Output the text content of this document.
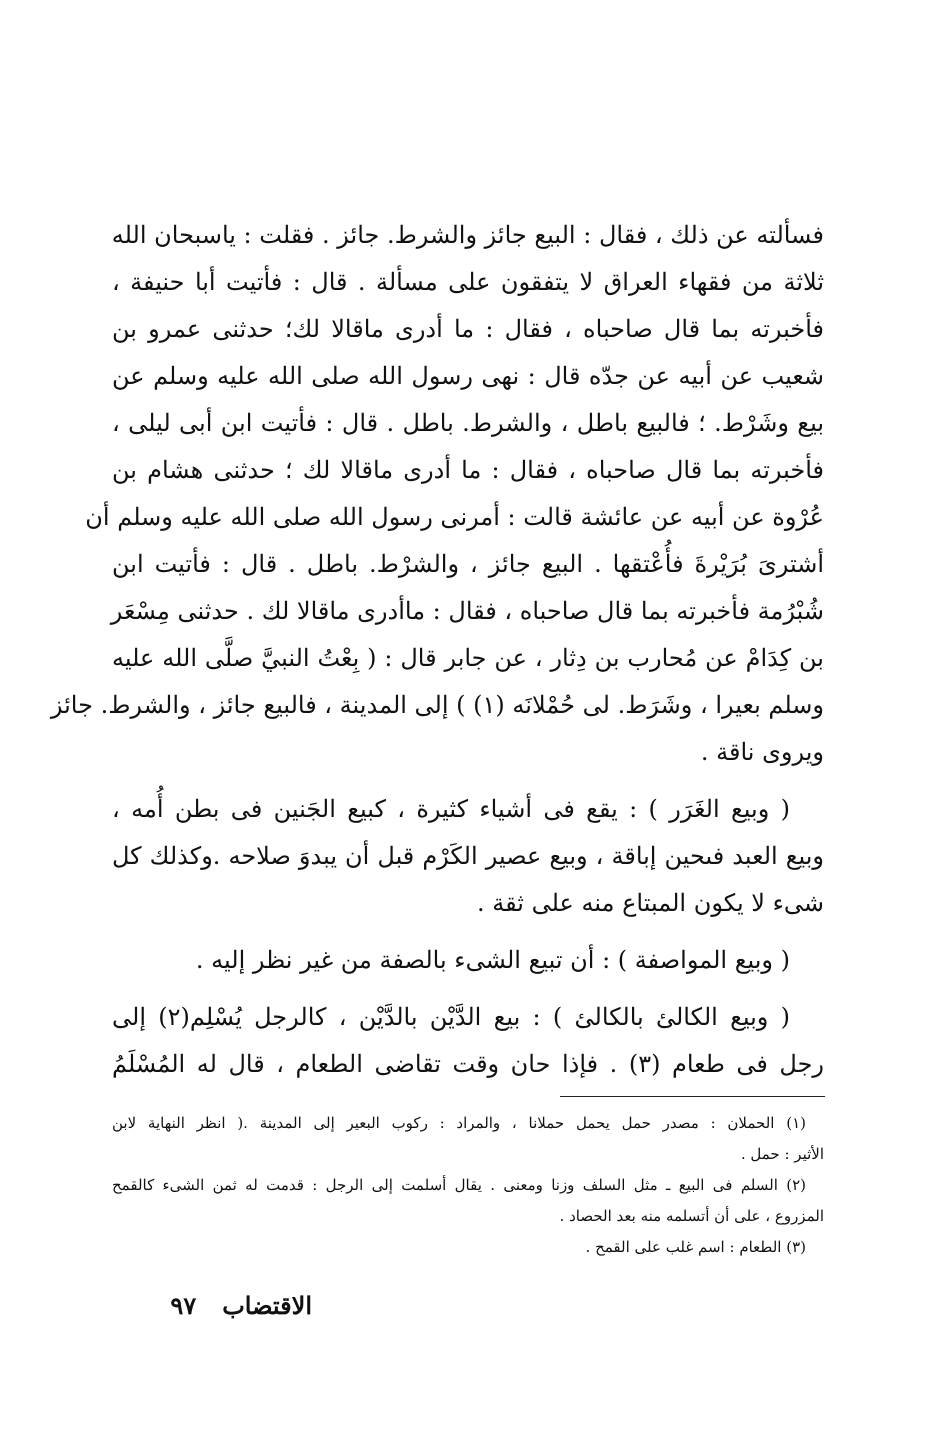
فسألته عن ذلك ، فقال : البيع جائز والشرط. جائز . فقلت : ياسبحان الله
ثلاثة من فقهاء العراق لا يتفقون على مسألة . قال : فأتيت أبا حنيفة ،
فأخبرته بما قال صاحباه ، فقال : ما أدرى ماقالا لك؛ حدثنى عمرو بن
شعيب عن أبيه عن جدّه قال : نهى رسول الله صلى الله عليه وسلم عن
بيع وشَرْط. ؛ فالبيع باطل ، والشرط. باطل . قال : فأتيت ابن أبى ليلى ،
فأخبرته بما قال صاحباه ، فقال : ما أدرى ماقالا لك ؛ حدثنى هشام بن
عُرْوة عن أبيه عن عائشة قالت : أمرنى رسول الله صلى الله عليه وسلم أن
أشترىَ بُرَيْرةَ فأُعْتقها . البيع جائز ، والشرْط. باطل . قال : فأتيت ابن
شُبْرُمة فأخبرته بما قال صاحباه ، فقال : ماأدرى ماقالا لك . حدثنى مِسْعَر
بن كِدَامْ عن مُحارب بن دِثار ، عن جابر قال : ( بِعْتُ النبيَّ صلَّى الله عليه
وسلم بعيرا ، وشَرَط. لى حُمْلانَه (١) ) إلى المدينة ، فالبيع جائز ، والشرط. جائز
ويروى ناقة .
( وبيع الغَرَر ) : يقع فى أشياء كثيرة ، كبيع الجَنين فى بطن أُمه ،
وبيع العبد فىحين إباقة ، وبيع عصير الكَرْم قبل أن يبدوَ صلاحه .وكذلك كل
شىء لا يكون المبتاع منه على ثقة .
( وبيع المواصفة ) : أن تبيع الشىء بالصفة من غير نظر إليه .
( وبيع الكالئ بالكالئ ) : بيع الدَّيْن بالدَّيْن ، كالرجل يُسْلِم(٢) إلى
رجل فى طعام (٣) . فإذا حان وقت تقاضى الطعام ، قال له المُسْلَمُ
(١) الحملان : مصدر حمل يحمل حملانا ، والمراد : ركوب البعير إلى المدينة .( انظر النهاية لابن
الأثير : حمل .
(٢) السلم فى البيع ـ مثل السلف وزنا ومعنى . يقال أسلمت إلى الرجل : قدمت له ثمن الشىء كالقمح
المزروع ، على أن أتسلمه منه بعد الحصاد .
(٣) الطعام : اسم غلب على القمح .
الاقتضاب٩٧
